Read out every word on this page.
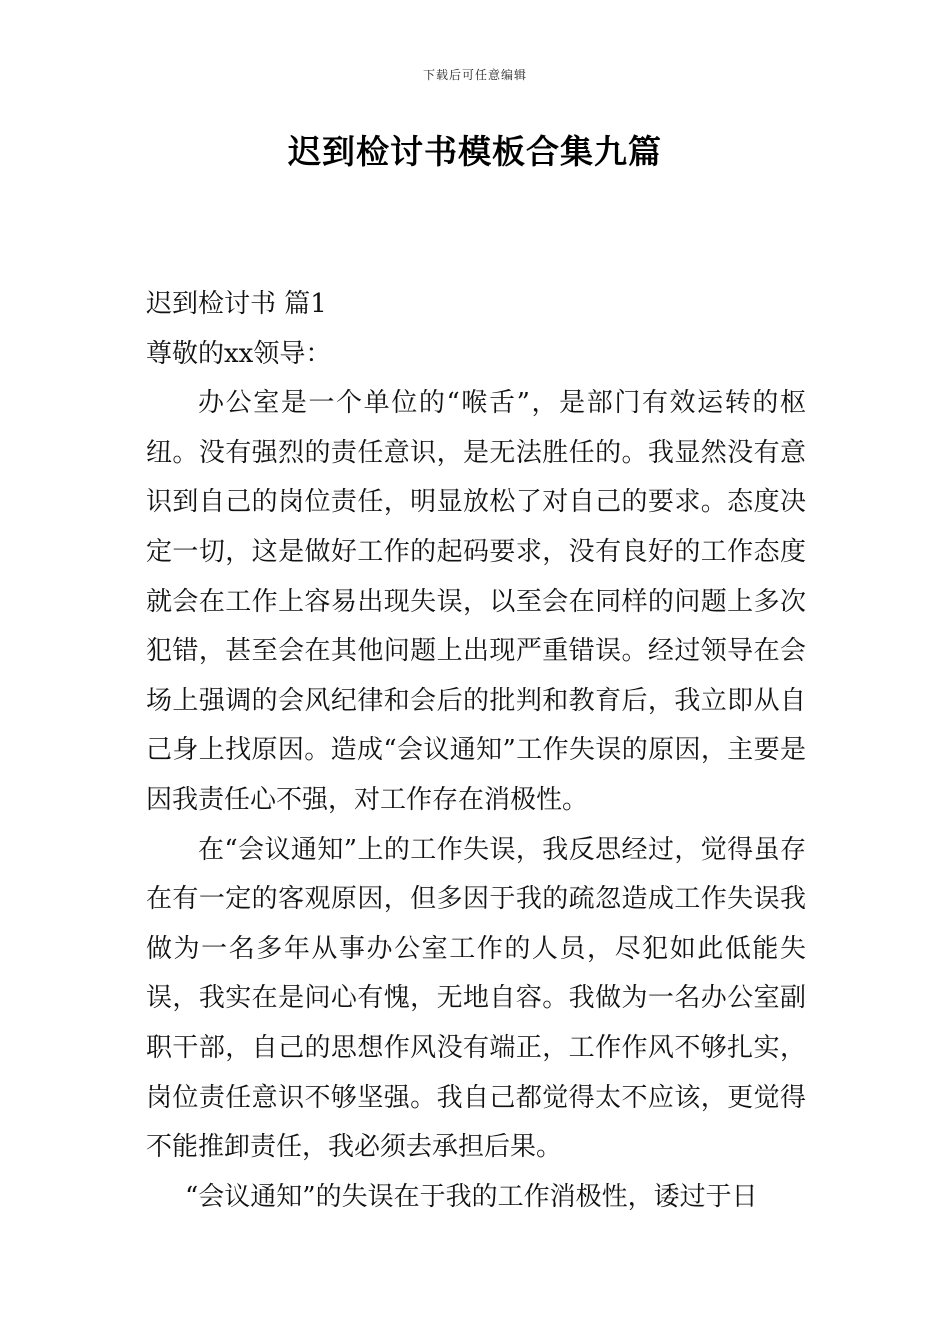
下载后可任意编辑
迟到检讨书模板合集九篇

迟到检讨书 篇1

尊敬的xx领导：

办公室是一个单位的“喉舌”，是部门有效运转的枢纽。没有强烈的责任意识，是无法胜任的。我显然没有意识到自己的岗位责任，明显放松了对自己的要求。态度决定一切，这是做好工作的起码要求，没有良好的工作态度就会在工作上容易出现失误，以至会在同样的问题上多次犯错，甚至会在其他问题上出现严重错误。经过领导在会场上强调的会风纪律和会后的批判和教育后，我立即从自己身上找原因。造成“会议通知”工作失误的原因，主要是因我责任心不强，对工作存在消极性。

在“会议通知”上的工作失误，我反思经过，觉得虽存在有一定的客观原因，但多因于我的疏忽造成工作失误我做为一名多年从事办公室工作的人员，尽犯如此低能失误，我实在是问心有愧，无地自容。我做为一名办公室副职干部，自己的思想作风没有端正，工作作风不够扎实，岗位责任意识不够坚强。我自己都觉得太不应该，更觉得不能推卸责任，我必须去承担后果。

“会议通知”的失误在于我的工作消极性，诿过于日
